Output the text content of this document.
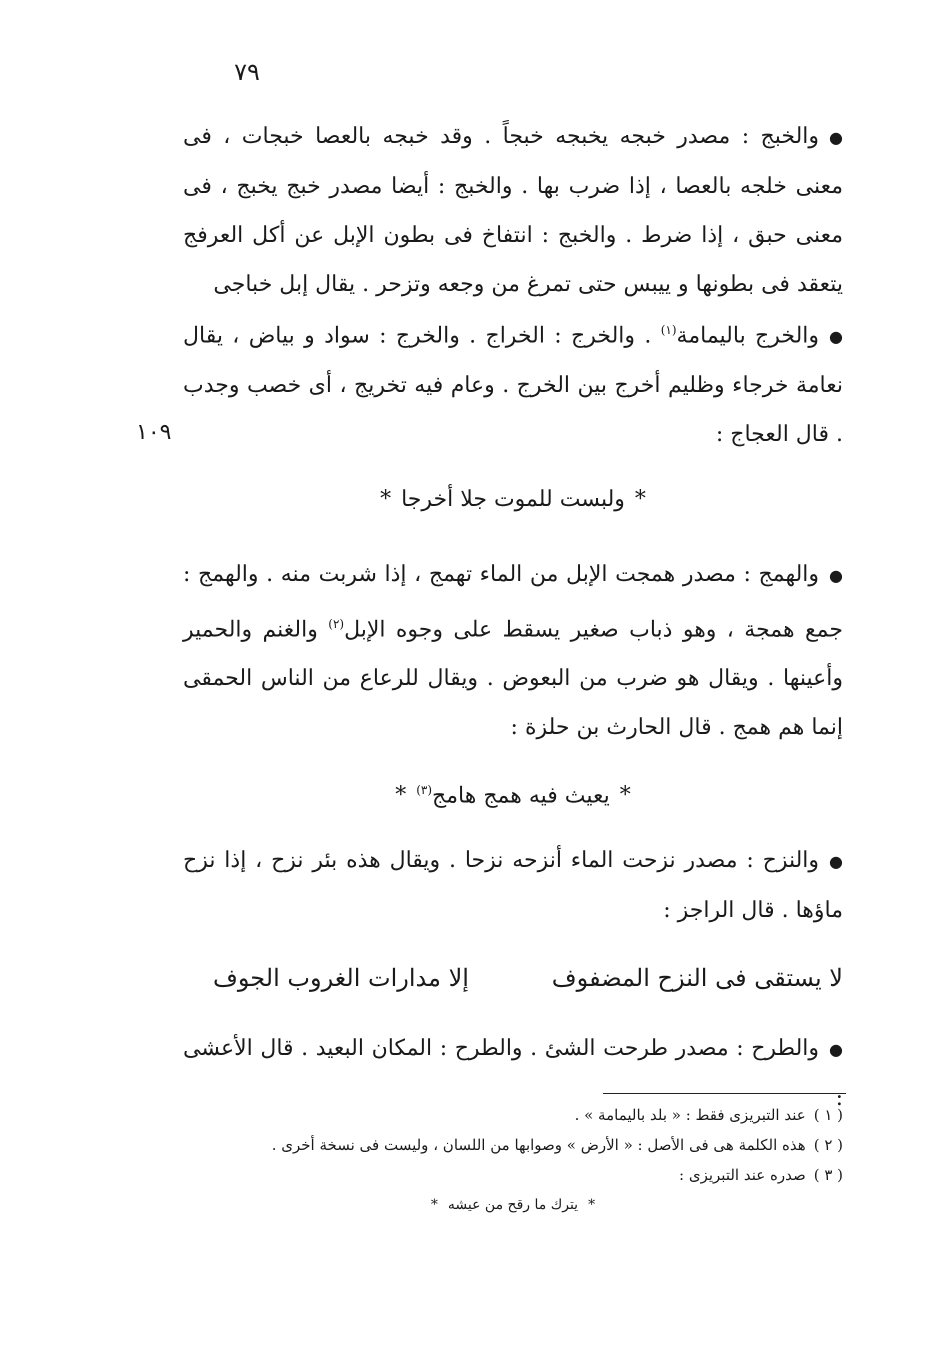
٧٩

●والخبج : مصدر خبجه يخبجه خبجاً . وقد خبجه بالعصا خبجات ، فى معنى خلجه بالعصا ، إذا ضرب بها . والخبج : أيضا مصدر خبج يخبج ، فى معنى حبق ، إذا ضرط . والخبج : انتفاخ فى بطون الإبل عن أكل العرفج يتعقد فى بطونها و ييبس حتى تمرغ من وجعه وتزحر . يقال إبل خباجى

●والخرج باليمامة$^{(١)}$ . والخرج : الخراج . والخرج : سواد و بياض ، يقال نعامة خرجاء وظليم أخرج بين الخرج . وعام فيه تخريج ، أى خصب وجدب . قال العجاج :

١٠٩
*ولبست للموت جلا أخرجا*

●والهمج : مصدر همجت الإبل من الماء تهمج ، إذا شربت منه . والهمج : جمع همجة ، وهو ذباب صغير يسقط على وجوه الإبل$^{(٢)}$ والغنم والحمير وأعينها . ويقال هو ضرب من البعوض . ويقال للرعاع من الناس الحمقى إنما هم همج . قال الحارث بن حلزة :

*يعيث فيه همج هامج$^{(٣)}$*

●والنزح : مصدر نزحت الماء أنزحه نزحا . ويقال هذه بئر نزح ، إذا نزح ماؤها . قال الراجز :

لا يستقى فى النزح المضفوف
إلا مدارات الغروب الجوف

●والطرح : مصدر طرحت الشئ . والطرح : المكان البعيد . قال الأعشى :

( ١ )عند التبريزى فقط : « بلد باليمامة » .

( ٢ )هذه الكلمة هى فى الأصل : « الأرض » وصوابها من اللسان ، وليست فى نسخة أخرى .

( ٣ )صدره عند التبريزى :

*يترك ما رقح من عيشه*
